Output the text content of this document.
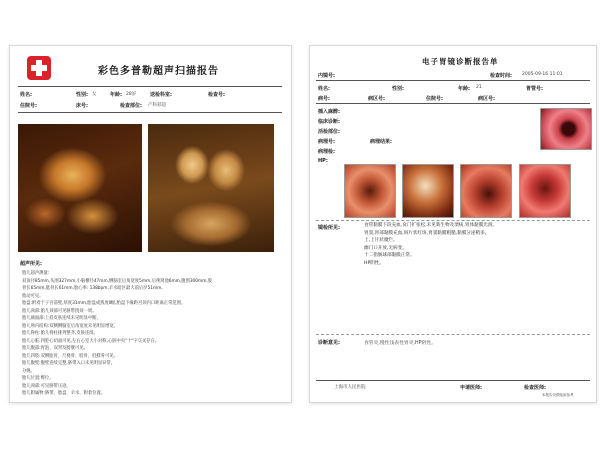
彩色多普勒超声扫描报告
姓名:	性别: 女	年龄: 28岁	送检科室:	检查号:
住院号:	床号:	检查部位: 产科彩超
超声所见:
胎儿超声测量:
双顶径85mm,头围327mm,小脑横径47mm,侧脑室后角宽度5mm,后颅窝池6mm,腹围300mm,股
骨长65mm,肱骨长61mm,胎心率: 138bpm,羊水暗区最大前后径51mm。
胎动可见。
胎盘:附着于子宫前壁,厚度31mm,胎盘成熟度Ⅱ级,胎盘下缘距宫颈内口距离正常范围。
胎儿颈部:胎儿颈部可见脐带绕颈一周。
胎儿颜面部:上唇皮肤连续未见明显中断。
胎儿颅内结构:双侧侧脑室后角宽度未见明显增宽。
胎儿脊柱:胎儿脊柱排列整齐,皮肤连续。
胎儿心脏:四腔心切面可见,左右心室大小对称,心脏中央"十"字交叉存在。
胎儿腹部:胃泡、双肾及膀胱可见。
胎儿四肢:双侧肱骨、尺桡骨、股骨、胫腓骨可见。
胎儿腹壁:腹壁连续完整,脐带入口未见明显异常。
分娩。
胎儿位置:臀位。
胎儿颈部:可见脐带压迹。
胎儿附属物:脐带、胎盘、羊水、附着位置。
电子胃镜诊断报告单
内镜号:	检查时间: 2005-09-16 11:01
姓名:	性别:	年龄: 21	胃管号:
病号:	病区号:	住院号:	病区号:
插入麻醉:
临床诊断:
活检部位:
病理号:	病理结果:
病理检:
HP:
镜检所见:	食管黏膜下段充血,贲门扩张松,未见新生物及溃疡,胃体黏膜光滑。
胃窦,胃部黏膜充血,斑片状红斑,胃窦黏膜粗糙,黏膜分泌稍多,
上,上片状糜烂。
幽门口开放,无病变。
十二指肠球部黏膜正常。
HP阴性。
诊断意见:	食管炎,慢性浅表性胃炎,HP阴性。
上海市人民医院	申请医师:	检查医师:
本报告仅供临床参考
